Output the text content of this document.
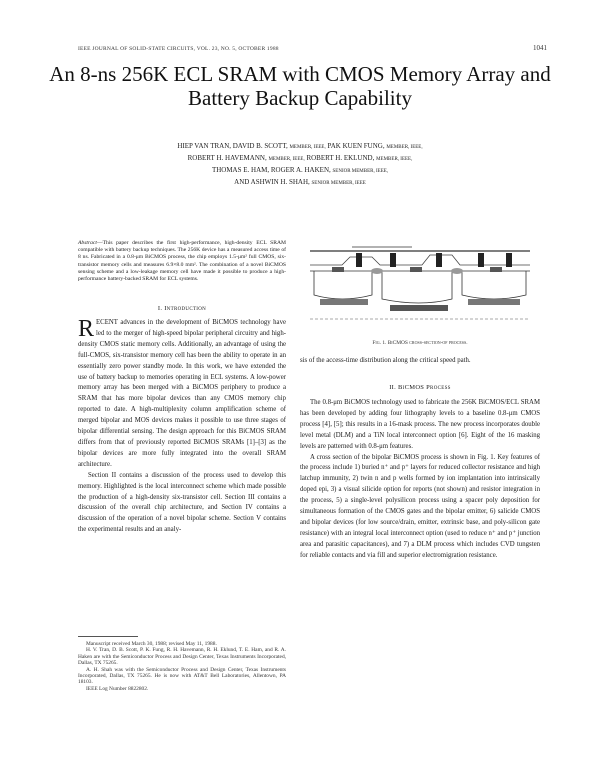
IEEE JOURNAL OF SOLID-STATE CIRCUITS, VOL. 23, NO. 5, OCTOBER 1988	1041
An 8-ns 256K ECL SRAM with CMOS Memory Array and Battery Backup Capability
HIEP VAN TRAN, DAVID B. SCOTT, MEMBER, IEEE, PAK KUEN FUNG, MEMBER, IEEE,
ROBERT H. HAVEMANN, MEMBER, IEEE, ROBERT H. EKLUND, MEMBER, IEEE,
THOMAS E. HAM, ROGER A. HAKEN, SENIOR MEMBER, IEEE,
AND ASHWIN H. SHAH, SENIOR MEMBER, IEEE
Abstract—This paper describes the first high-performance, high-density ECL SRAM compatible with battery backup techniques. The 256K device has a measured access time of 8 ns. Fabricated in a 0.8-μm BiCMOS process, the chip employs 1.5-μm² full CMOS, six-transistor memory cells and measures 6.9×8.0 mm². The combination of a novel BiCMOS sensing scheme and a low-leakage memory cell have made it possible to produce a high-performance battery-backed SRAM for ECL systems.
I. Introduction
RECENT advances in the development of BiCMOS technology have led to the merger of high-speed bipolar peripheral circuitry and high-density CMOS static memory cells. Additionally, an advantage of using the full-CMOS, six-transistor memory cell has been the ability to operate in an essentially zero power standby mode. In this work, we have extended the use of battery backup to memories operating in ECL systems. A low-power memory array has been merged with a BiCMOS periphery to produce a SRAM that has more bipolar devices than any CMOS memory chip reported to date. A high-multiplexity column amplification scheme of merged bipolar and MOS devices makes it possible to use three stages of bipolar differential sensing. The design approach for this BiCMOS SRAM differs from that of previously reported BiCMOS SRAMs [1]–[3] as the bipolar devices are more fully integrated into the overall SRAM architecture.
Section II contains a discussion of the process used to develop this memory. Highlighted is the local interconnect scheme which made possible the production of a high-density six-transistor cell. Section III contains a discussion of the overall chip architecture, and Section IV contains a discussion of the operation of a novel bipolar scheme. Section V contains the experimental results and an analy-
Manuscript received March 30, 1988; revised May 11, 1988.
H. V. Tran, D. B. Scott, P. K. Fung, R. H. Havemann, R. H. Eklund, T. E. Ham, and R. A. Haken are with the Semiconductor Process and Design Center, Texas Instruments Incorporated, Dallas, TX 75265.
A. H. Shah was with the Semiconductor Process and Design Center, Texas Instruments Incorporated, Dallas, TX 75265. He is now with AT&T Bell Laboratories, Allentown, PA 18103.
IEEE Log Number 8822802.
Fig. 1. BiCMOS cross-section-of process.
sis of the access-time distribution along the critical speed path.
II. BiCMOS Process
The 0.8-μm BiCMOS technology used to fabricate the 256K BiCMOS/ECL SRAM has been developed by adding four lithography levels to a baseline 0.8-μm CMOS process [4], [5]; this results in a 16-mask process. The new process incorporates double level metal (DLM) and a TiN local interconnect option [6]. Eight of the 16 masking levels are patterned with 0.8-μm features.
A cross section of the bipolar BiCMOS process is shown in Fig. 1. Key features of the process include 1) buried n⁺ and p⁺ layers for reduced collector resistance and high latchup immunity, 2) twin n and p wells formed by ion implantation into intrinsically doped epi, 3) a visual silicide option for reports (not shown) and resistor integration in the process, 5) a single-level polysilicon process using a spacer poly deposition for simultaneous formation of the CMOS gates and the bipolar emitter, 6) salicide CMOS and bipolar devices (for low source/drain, emitter, extrinsic base, and poly-silicon gate resistance) with an integral local interconnect option (used to reduce n⁺ and p⁺ junction area and parasitic capacitances), and 7) a DLM process which includes CVD tungsten for reliable contacts and via fill and superior electromigration resistance.
